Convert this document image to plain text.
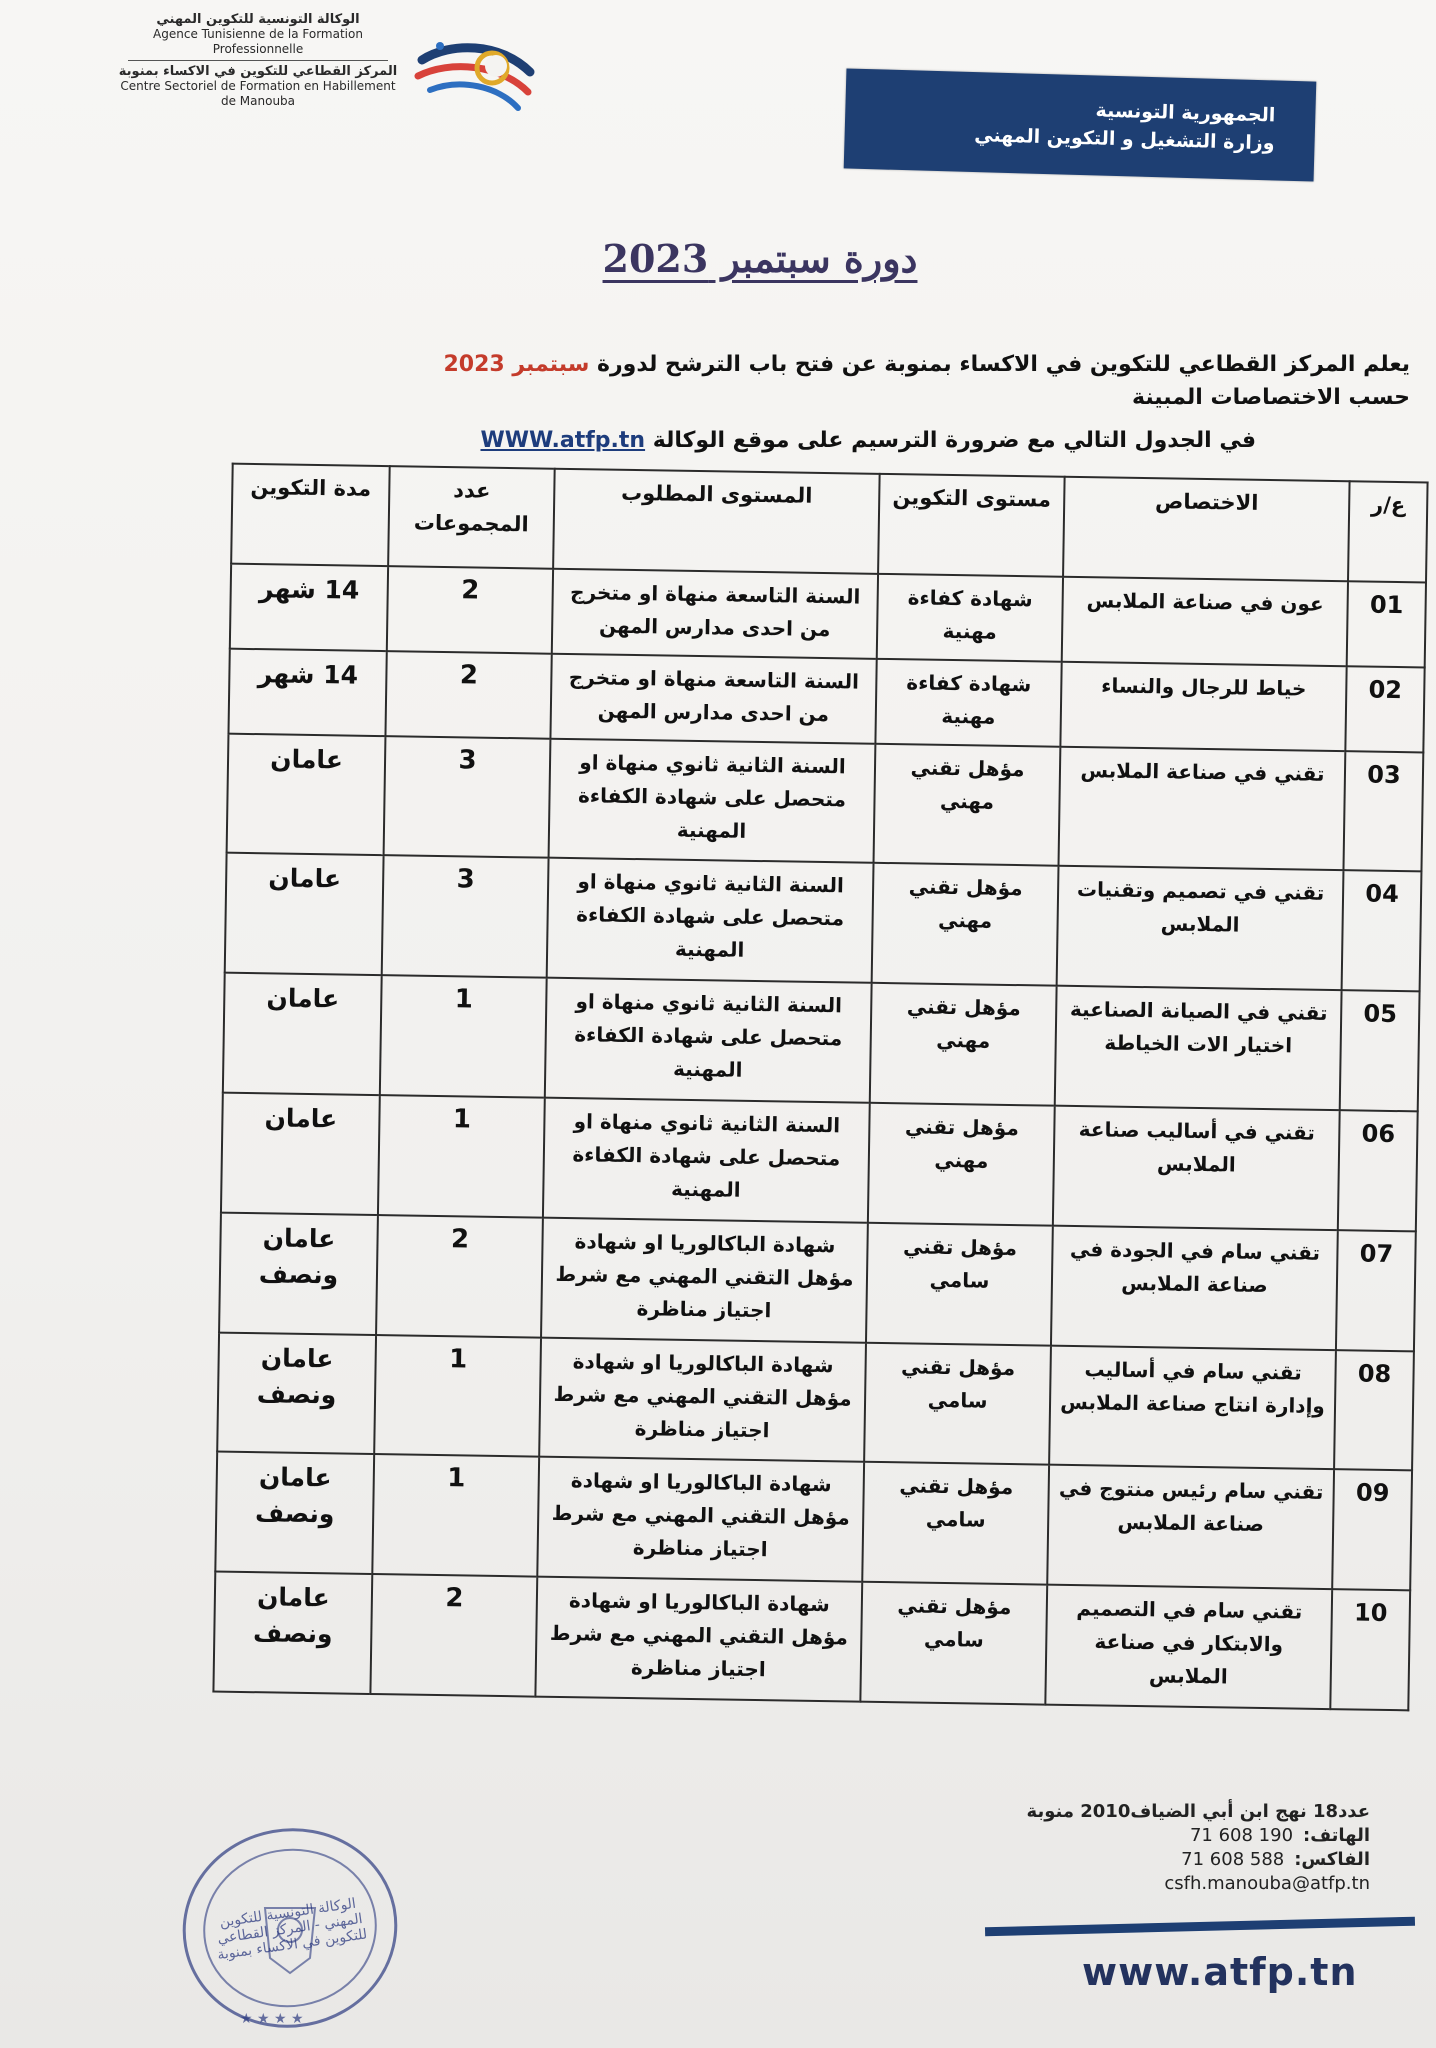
الوكالة التونسية للتكوين المهني
Agence Tunisienne de la Formation Professionnelle
المركز القطاعي للتكوين في الاكساء بمنوبة
Centre Sectoriel de Formation en Habillement de Manouba	الجمهورية التونسية
وزارة التشغيل و التكوين المهني
دورة سبتمبر 2023
يعلم المركز القطاعي للتكوين في الاكساء بمنوبة عن فتح باب الترشح لدورة سبتمبر 2023
حسب الاختصاصات المبينة
في الجدول التالي مع ضرورة الترسيم على موقع الوكالة WWW.atfp.tn
ع/ر	الاختصاص	مستوى التكوين	المستوى المطلوب	عدد المجموعات	مدة التكوين
01	عون في صناعة الملابس	شهادة كفاءة مهنية	السنة التاسعة منهاة او متخرج من احدى مدارس المهن	2	14 شهر
02	خياط للرجال والنساء	شهادة كفاءة مهنية	السنة التاسعة منهاة او متخرج من احدى مدارس المهن	2	14 شهر
03	تقني في صناعة الملابس	مؤهل تقني مهني	السنة الثانية ثانوي منهاة او متحصل على شهادة الكفاءة المهنية	3	عامان
04	تقني في تصميم وتقنيات الملابس	مؤهل تقني مهني	السنة الثانية ثانوي منهاة او متحصل على شهادة الكفاءة المهنية	3	عامان
05	تقني في الصيانة الصناعية اختيار الات الخياطة	مؤهل تقني مهني	السنة الثانية ثانوي منهاة او متحصل على شهادة الكفاءة المهنية	1	عامان
06	تقني في أساليب صناعة الملابس	مؤهل تقني مهني	السنة الثانية ثانوي منهاة او متحصل على شهادة الكفاءة المهنية	1	عامان
07	تقني سام في الجودة في صناعة الملابس	مؤهل تقني سامي	شهادة الباكالوريا او شهادة مؤهل التقني المهني مع شرط اجتياز مناظرة	2	عامان ونصف
08	تقني سام في أساليب وإدارة انتاج صناعة الملابس	مؤهل تقني سامي	شهادة الباكالوريا او شهادة مؤهل التقني المهني مع شرط اجتياز مناظرة	1	عامان ونصف
09	تقني سام رئيس منتوج في صناعة الملابس	مؤهل تقني سامي	شهادة الباكالوريا او شهادة مؤهل التقني المهني مع شرط اجتياز مناظرة	1	عامان ونصف
10	تقني سام في التصميم والابتكار في صناعة الملابس	مؤهل تقني سامي	شهادة الباكالوريا او شهادة مؤهل التقني المهني مع شرط اجتياز مناظرة	2	عامان ونصف
★ ★ ★ ★
الوكالة التونسية للتكوين المهني - المركز القطاعي للتكوين في الاكساء بمنوبة
عدد18 نهج ابن أبي الضياف2010 منوبة
الهاتف:
71 608 190
الفاكس:
71 608 588
csfh.manouba@atfp.tn
www.atfp.tn
